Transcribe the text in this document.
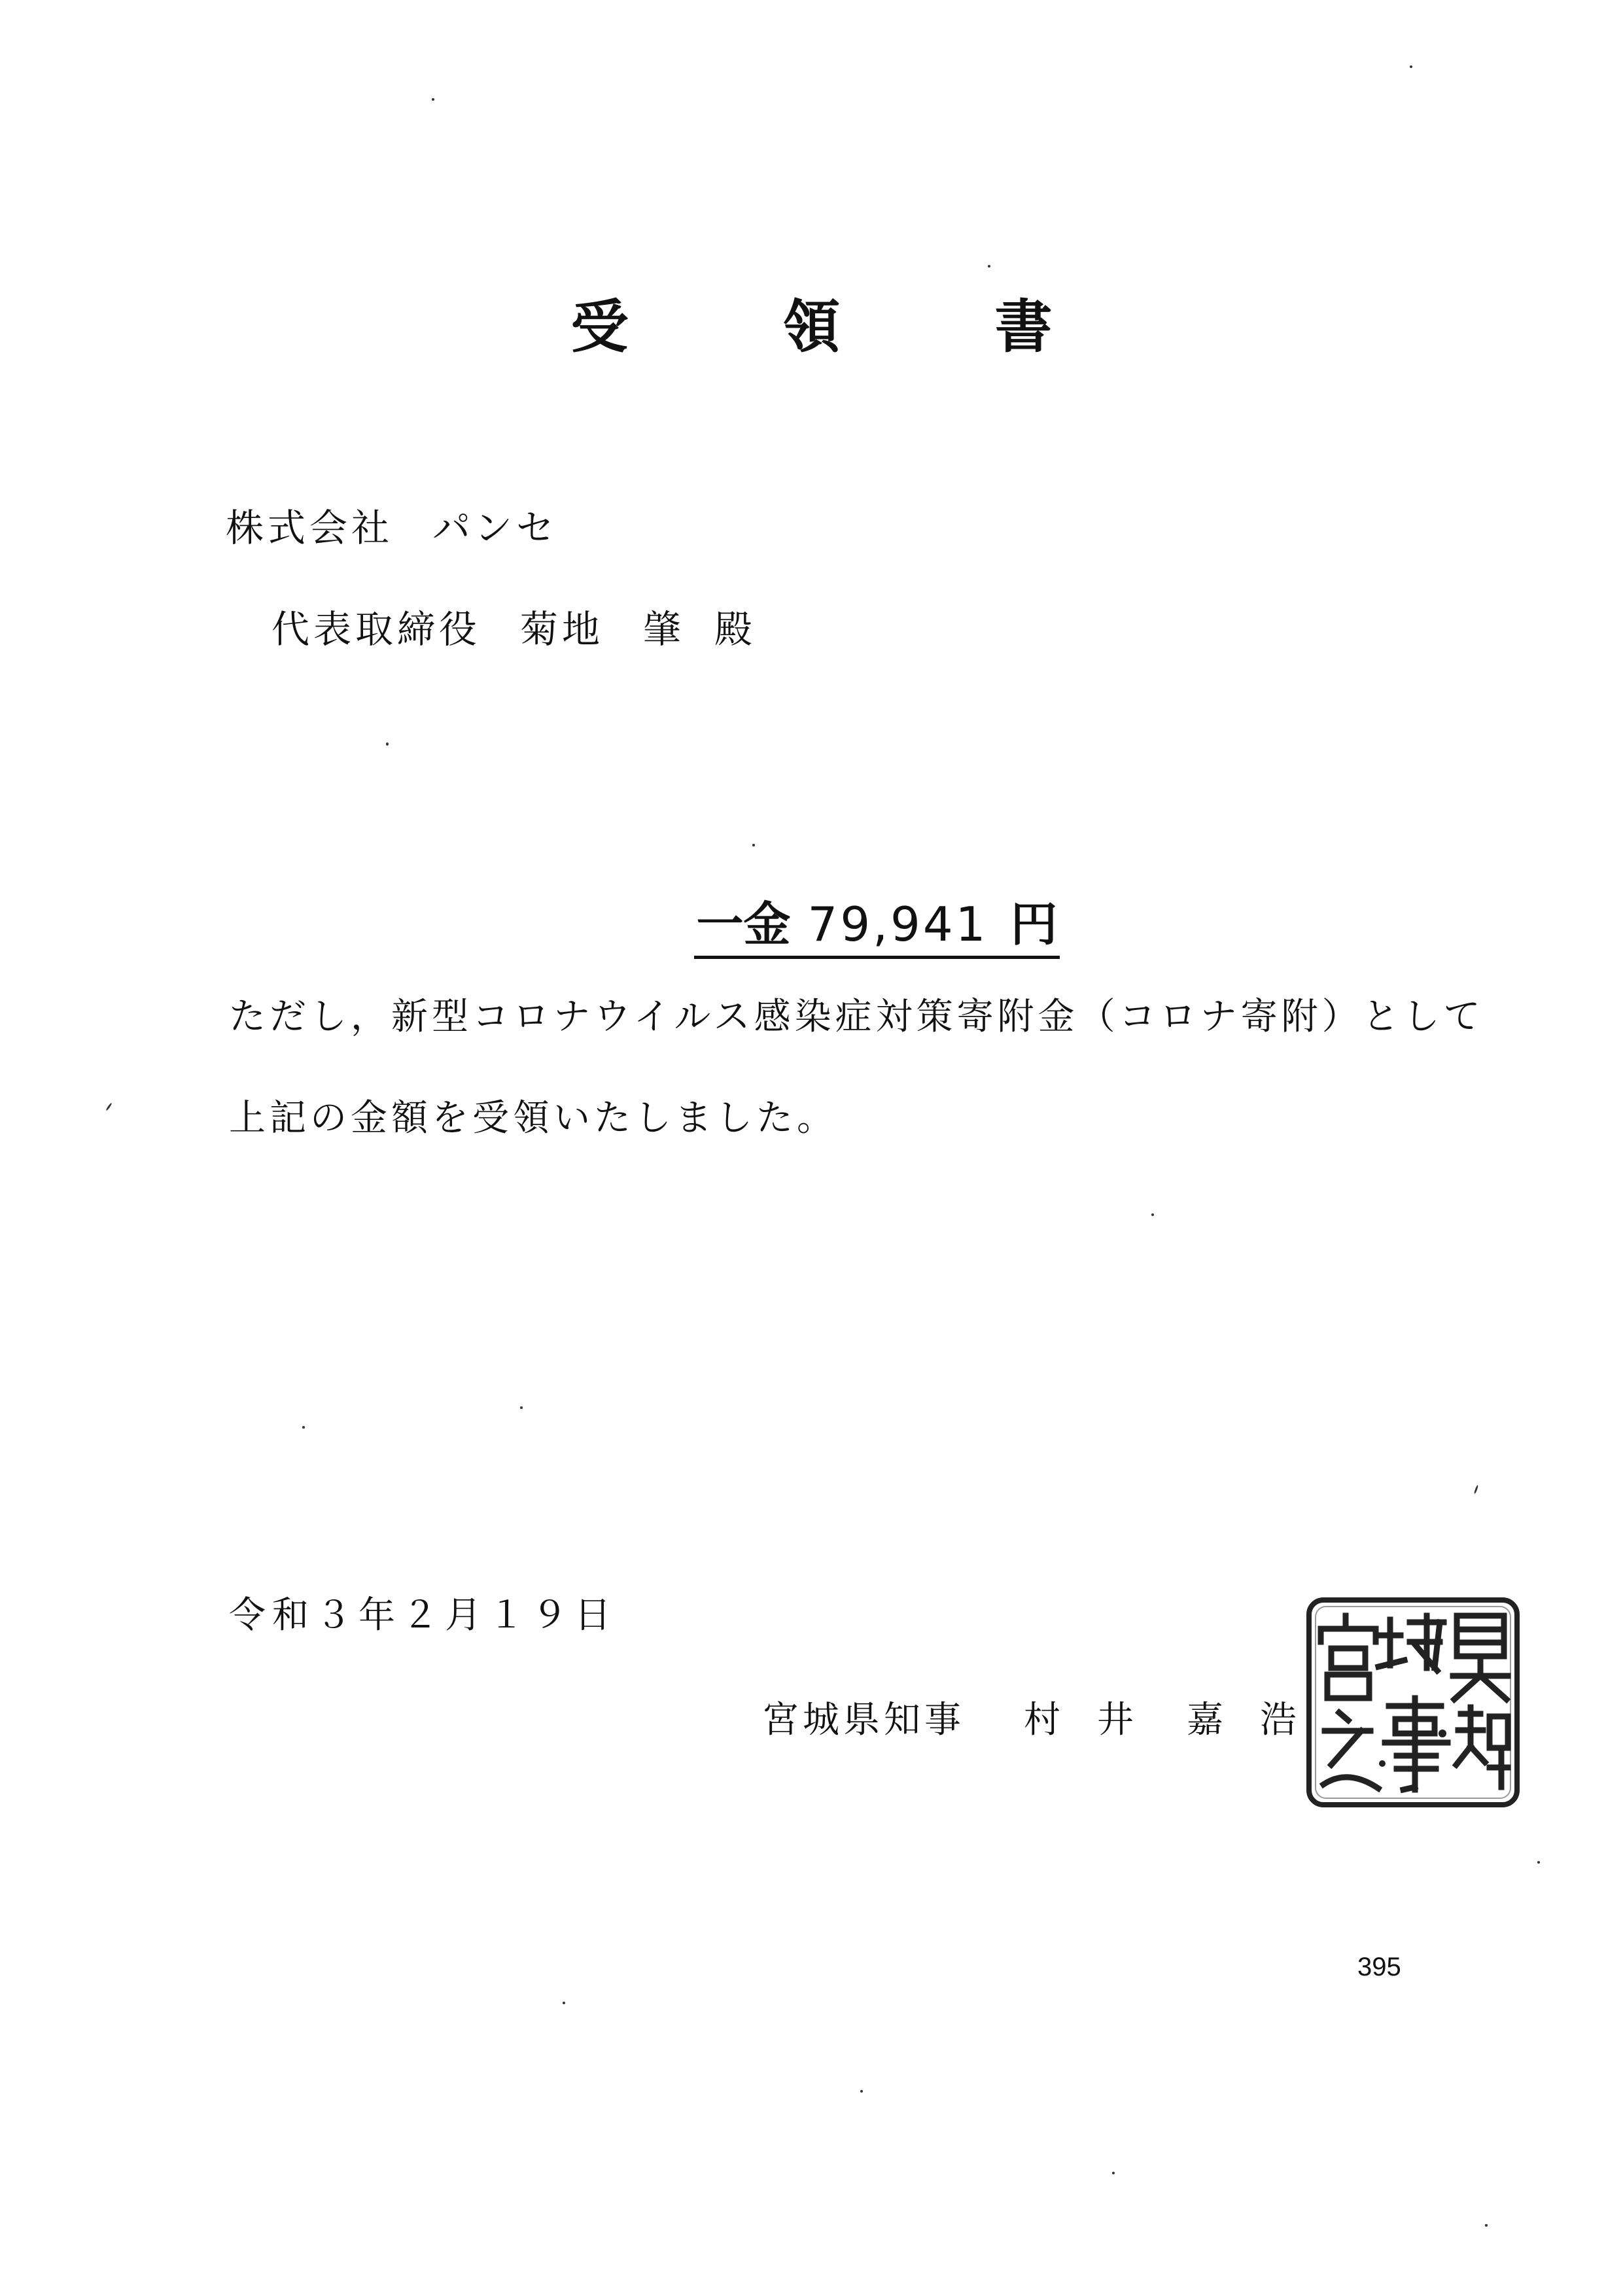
受	領	書
株式会社 パンセ
代表取締役 菊地 肇 殿
一金 79,941 円
ただし，新型コロナウイルス感染症対策寄附金（コロナ寄附）として
上記の金額を受領いたしました。
令和３年２月１９日
宮城県知事 村 井 嘉 浩
395
